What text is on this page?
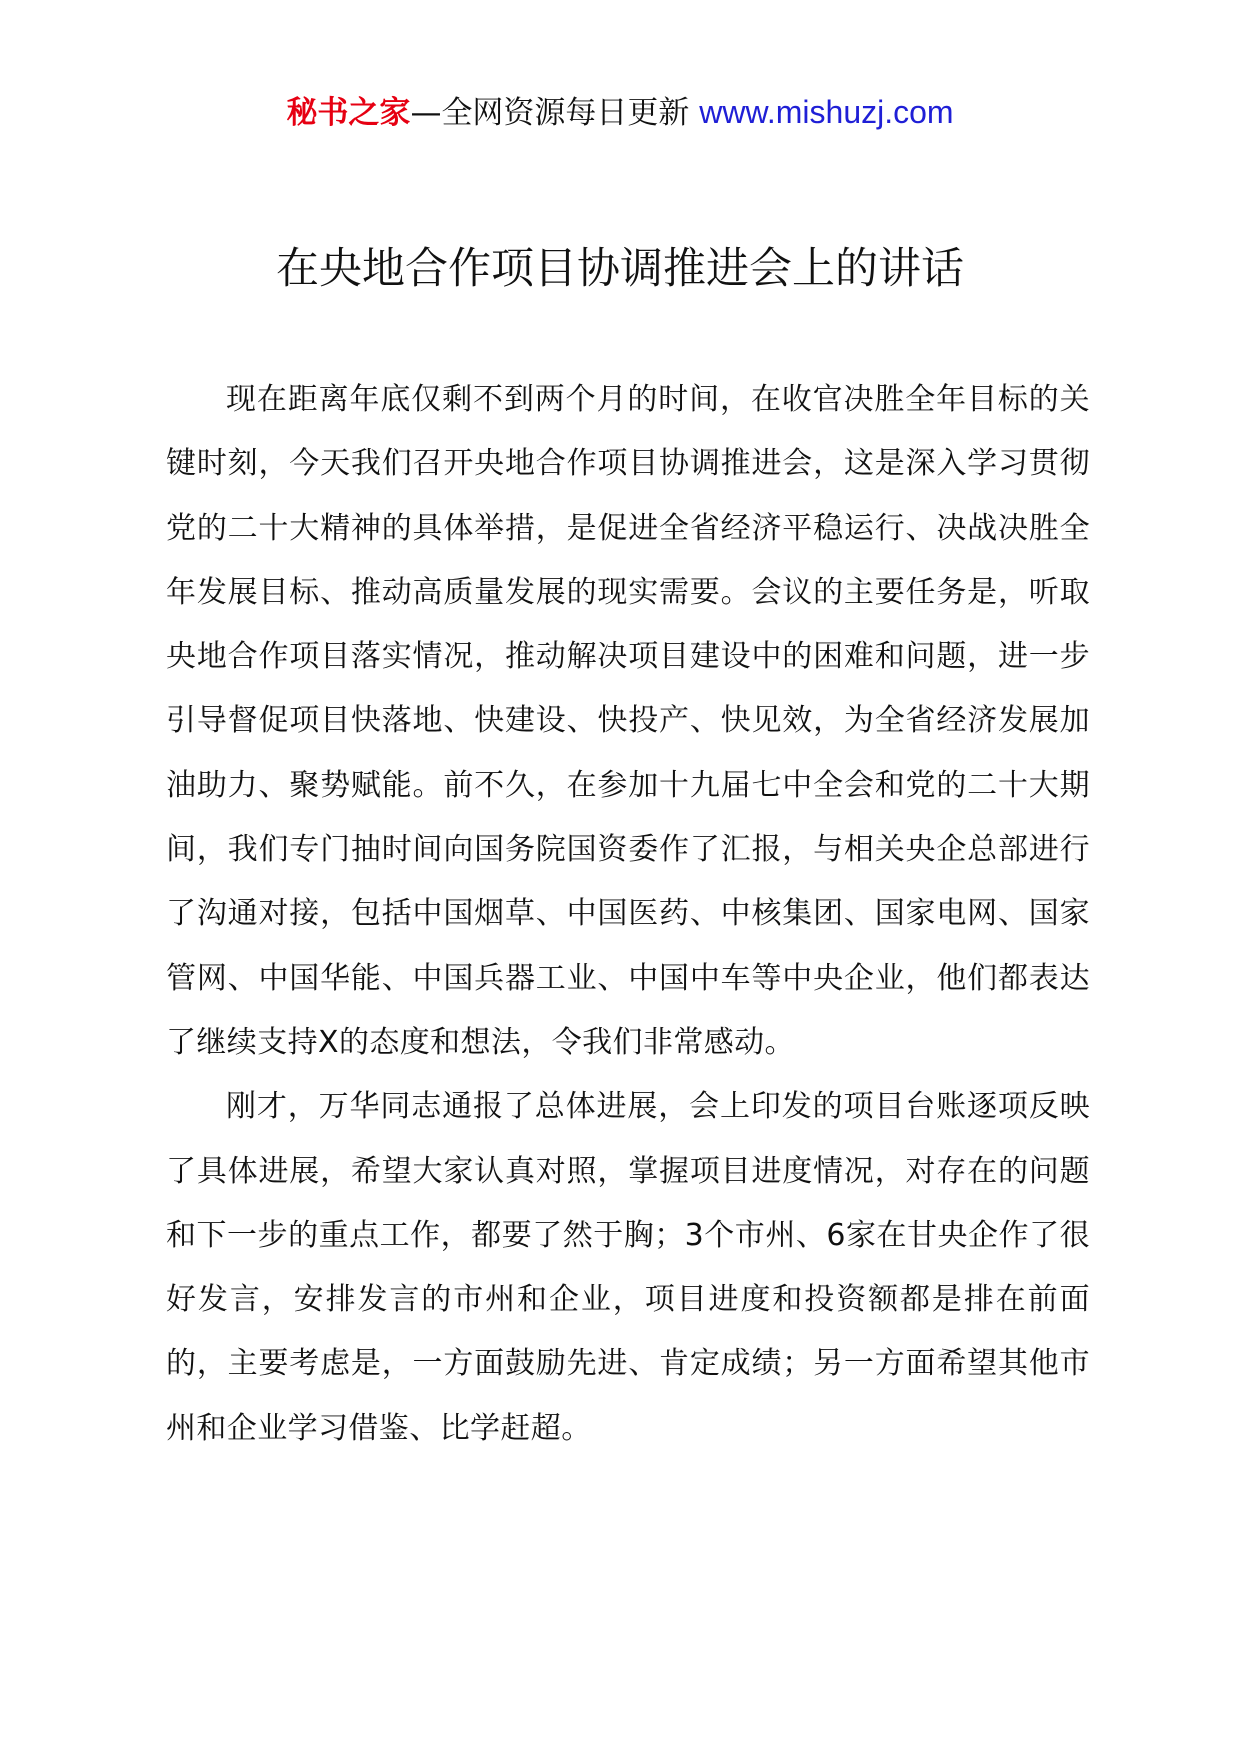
秘书之家—全网资源每日更新 www.mishuzj.com
在央地合作项目协调推进会上的讲话

现在距离年底仅剩不到两个月的时间，在收官决胜全年目标的关键时刻，今天我们召开央地合作项目协调推进会，这是深入学习贯彻党的二十大精神的具体举措，是促进全省经济平稳运行、决战决胜全年发展目标、推动高质量发展的现实需要。会议的主要任务是，听取央地合作项目落实情况，推动解决项目建设中的困难和问题，进一步引导督促项目快落地、快建设、快投产、快见效，为全省经济发展加油助力、聚势赋能。前不久，在参加十九届七中全会和党的二十大期间，我们专门抽时间向国务院国资委作了汇报，与相关央企总部进行了沟通对接，包括中国烟草、中国医药、中核集团、国家电网、国家管网、中国华能、中国兵器工业、中国中车等中央企业，他们都表达了继续支持X的态度和想法，令我们非常感动。

刚才，万华同志通报了总体进展，会上印发的项目台账逐项反映了具体进展，希望大家认真对照，掌握项目进度情况，对存在的问题和下一步的重点工作，都要了然于胸；3个市州、6家在甘央企作了很好发言，安排发言的市州和企业，项目进度和投资额都是排在前面的，主要考虑是，一方面鼓励先进、肯定成绩；另一方面希望其他市州和企业学习借鉴、比学赶超。
